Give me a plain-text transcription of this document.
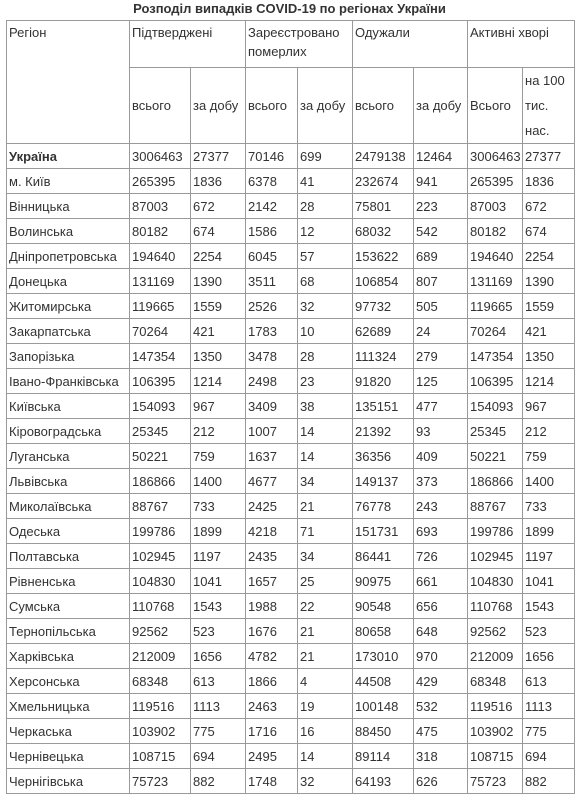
Розподіл випадків COVID-19 по регіонах України
Регіон	Підтверджені		Зареєстровано померлих		Одужали		Активні хворі	
	всього	за добу	всього	за добу	всього	за добу	Всього	на 100 тис. нас.
Україна	3006463	27377	70146	699	2479138	12464	3006463	27377
м. Київ	265395	1836	6378	41	232674	941	265395	1836
Вінницька	87003	672	2142	28	75801	223	87003	672
Волинська	80182	674	1586	12	68032	542	80182	674
Дніпропетровська	194640	2254	6045	57	153622	689	194640	2254
Донецька	131169	1390	3511	68	106854	807	131169	1390
Житомирська	119665	1559	2526	32	97732	505	119665	1559
Закарпатська	70264	421	1783	10	62689	24	70264	421
Запорізька	147354	1350	3478	28	111324	279	147354	1350
Івано-Франківська	106395	1214	2498	23	91820	125	106395	1214
Київська	154093	967	3409	38	135151	477	154093	967
Кіровоградська	25345	212	1007	14	21392	93	25345	212
Луганська	50221	759	1637	14	36356	409	50221	759
Львівська	186866	1400	4677	34	149137	373	186866	1400
Миколаївська	88767	733	2425	21	76778	243	88767	733
Одеська	199786	1899	4218	71	151731	693	199786	1899
Полтавська	102945	1197	2435	34	86441	726	102945	1197
Рівненська	104830	1041	1657	25	90975	661	104830	1041
Сумська	110768	1543	1988	22	90548	656	110768	1543
Тернопільська	92562	523	1676	21	80658	648	92562	523
Харківська	212009	1656	4782	21	173010	970	212009	1656
Херсонська	68348	613	1866	4	44508	429	68348	613
Хмельницька	119516	1113	2463	19	100148	532	119516	1113
Черкаська	103902	775	1716	16	88450	475	103902	775
Чернівецька	108715	694	2495	14	89114	318	108715	694
Чернігівська	75723	882	1748	32	64193	626	75723	882
